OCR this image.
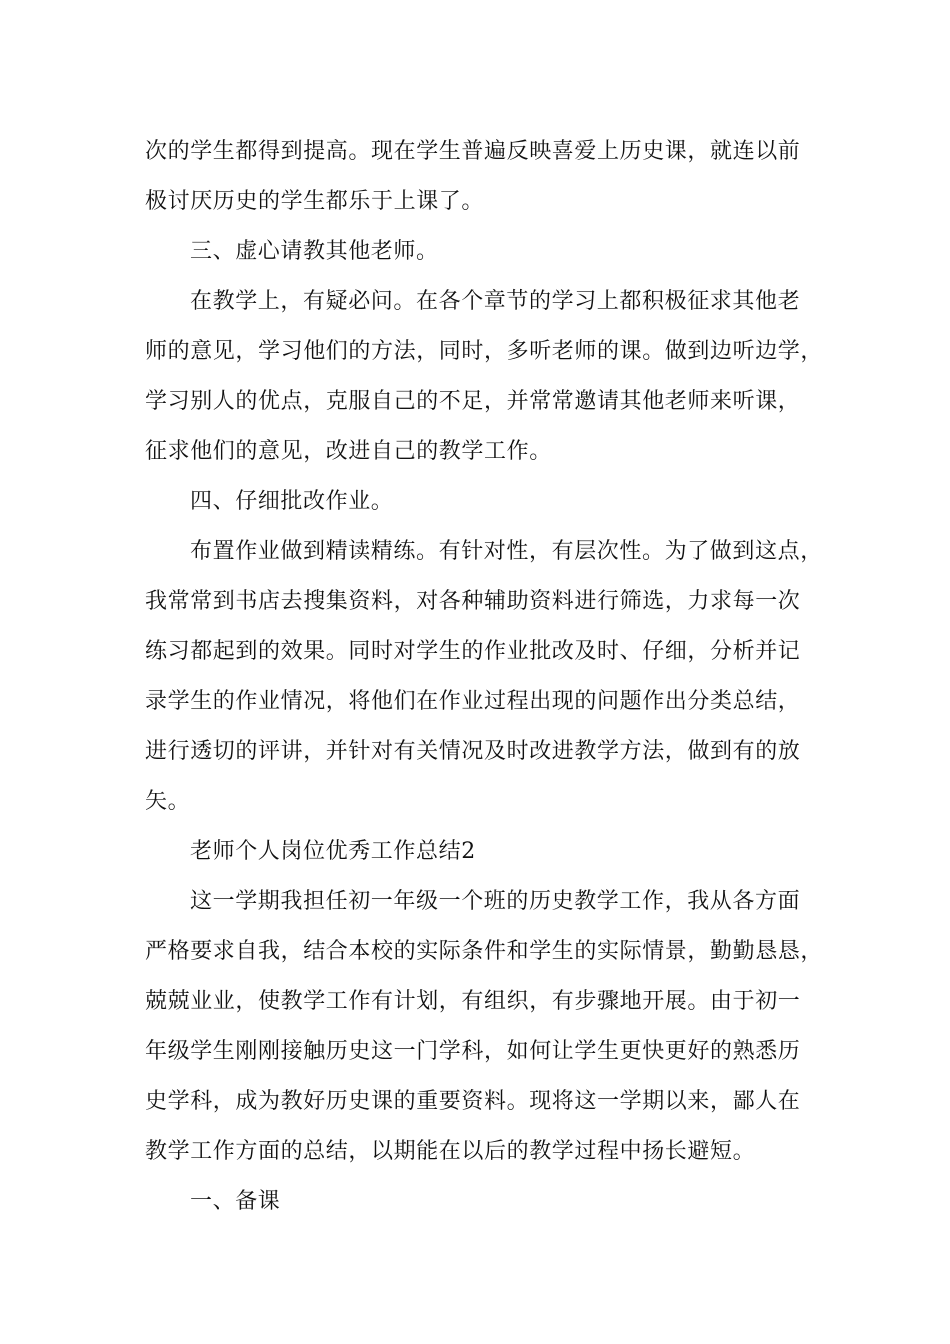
次的学生都得到提高。现在学生普遍反映喜爱上历史课，就连以前
极讨厌历史的学生都乐于上课了。
三、虚心请教其他老师。
在教学上，有疑必问。在各个章节的学习上都积极征求其他老
师的意见，学习他们的方法，同时，多听老师的课。做到边听边学，
学习别人的优点，克服自己的不足，并常常邀请其他老师来听课，
征求他们的意见，改进自己的教学工作。
四、仔细批改作业。
布置作业做到精读精练。有针对性，有层次性。为了做到这点，
我常常到书店去搜集资料，对各种辅助资料进行筛选，力求每一次
练习都起到的效果。同时对学生的作业批改及时、仔细，分析并记
录学生的作业情况，将他们在作业过程出现的问题作出分类总结，
进行透切的评讲，并针对有关情况及时改进教学方法，做到有的放
矢。
老师个人岗位优秀工作总结2
这一学期我担任初一年级一个班的历史教学工作，我从各方面
严格要求自我，结合本校的实际条件和学生的实际情景，勤勤恳恳，
兢兢业业，使教学工作有计划，有组织，有步骤地开展。由于初一
年级学生刚刚接触历史这一门学科，如何让学生更快更好的熟悉历
史学科，成为教好历史课的重要资料。现将这一学期以来，鄙人在
教学工作方面的总结，以期能在以后的教学过程中扬长避短。
一、备课
